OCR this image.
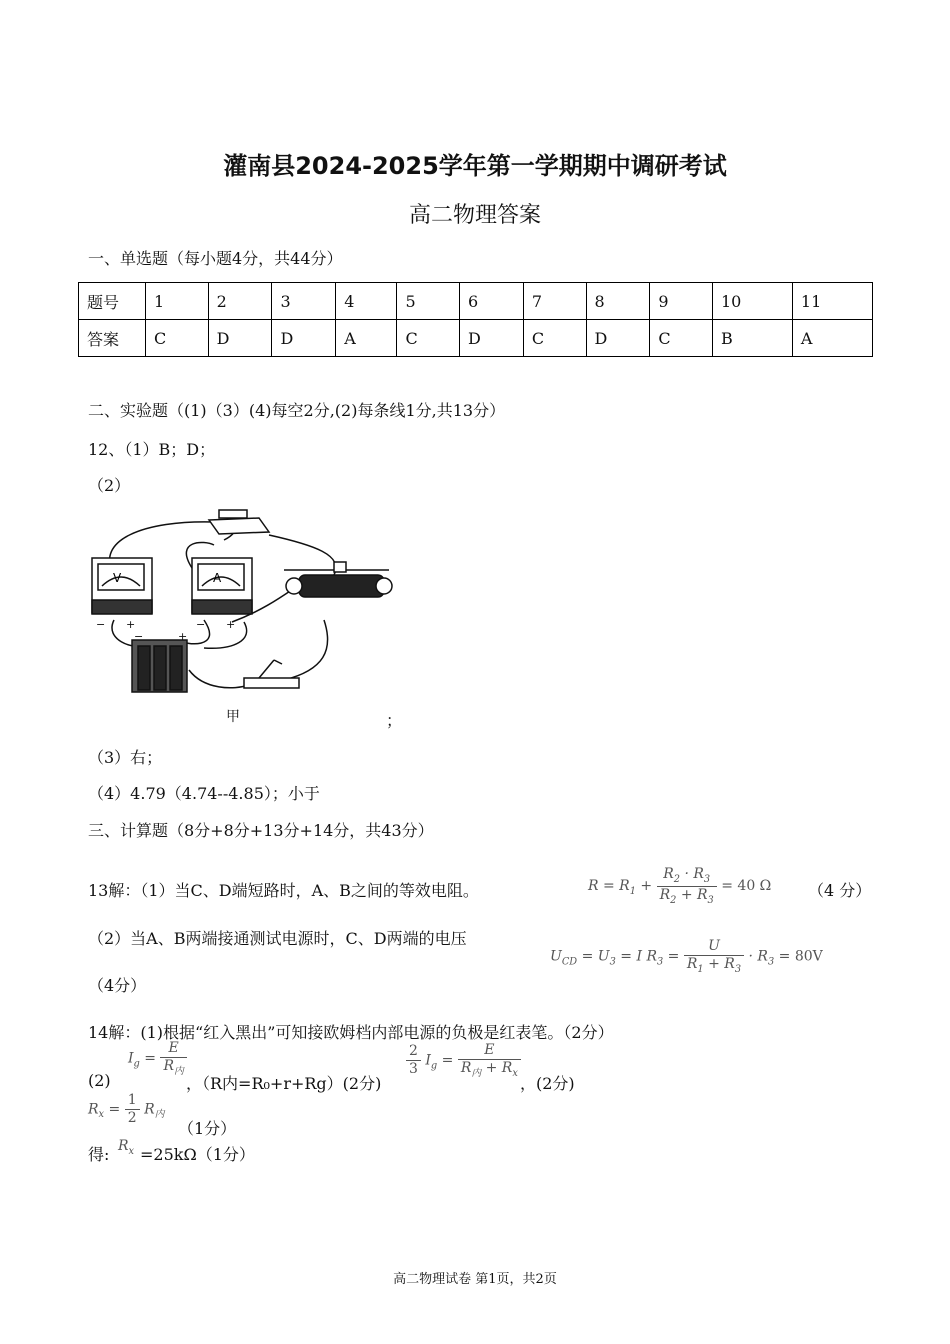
灌南县2024-2025学年第一学期期中调研考试
高二物理答案
一、单选题（每小题4分，共44分）
题号	1	2	3	4	5	6	7	8	9	10	11
答案	C	D	D	A	C	D	C	D	C	B	A
二、实验题（(1)（3）(4)每空2分,(2)每条线1分,共13分）
12、（1）B；D；
（2）
V	A
− +	− +
−	+
甲	；
（3）右；
（4）4.79（4.74--4.85）；小于
三、计算题（8分+8分+13分+14分，共43分）
13解：（1）当C、D端短路时，A、B之间的等效电阻。	$R = R_1 + \frac{R_2 \cdot R_3}{R_2 + R_3} = 40$ Ω （4 分）
（2）当A、B两端接通测试电源时，C、D两端的电压
$U_{CD} = U_3 = I$ $R_3 = \frac{U}{R_1 + R_3} \cdot R_3 = 80V$
（4分）
14解：(1)根据“红入黑出”可知接欧姆档内部电源的负极是红表笔。（2分）
(2)
$I_g = \frac{E}{R_内}$
，（R内=R₀+r+Rg）(2分)
$\frac{2}{3} I_g = \frac{E}{R_内 + R_x}$
，(2分)
$R_x = \frac{1}{2} R_内$
（1分）
得: $R_x =25k\Omega(1$分）
高二物理试卷 第1页，共2页
